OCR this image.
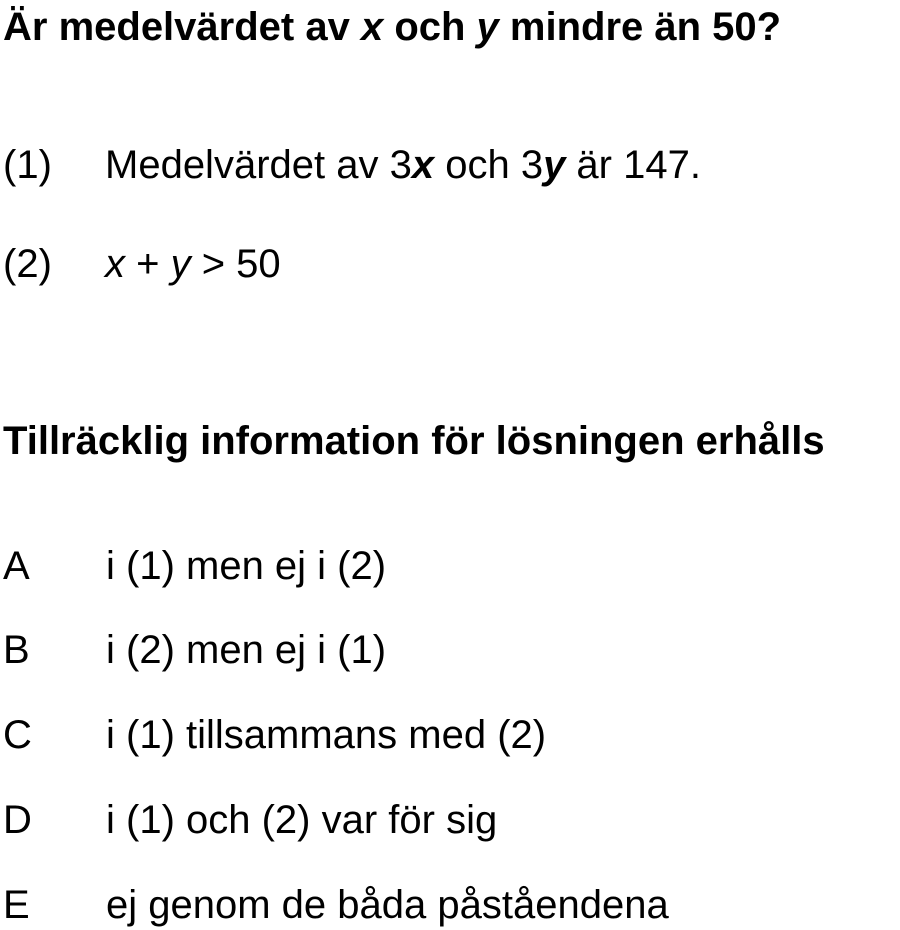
Är medelvärdet av x och y mindre än 50?
(1) Medelvärdet av 3x och 3y är 147.
(2) x + y > 50
Tillräcklig information för lösningen erhålls
A i (1) men ej i (2)
B i (2) men ej i (1)
C i (1) tillsammans med (2)
D i (1) och (2) var för sig
E ej genom de båda påståendena
